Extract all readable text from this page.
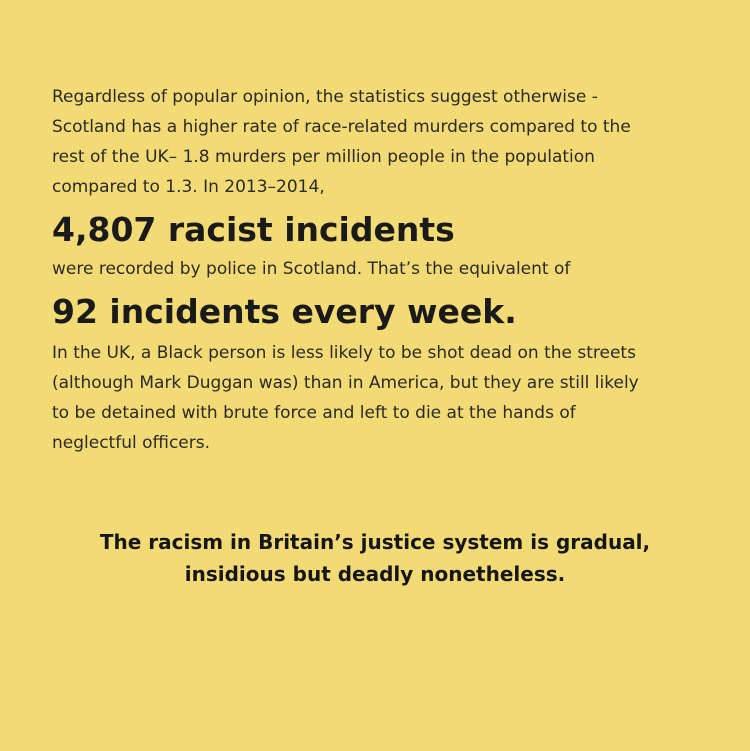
Regardless of popular opinion, the statistics suggest otherwise -
Scotland has a higher rate of race-related murders compared to the
rest of the UK– 1.8 murders per million people in the population
compared to 1.3. In 2013–2014,

4,807 racist incidents

were recorded by police in Scotland. That’s the equivalent of

92 incidents every week.

In the UK, a Black person is less likely to be shot dead on the streets
(although Mark Duggan was) than in America, but they are still likely
to be detained with brute force and left to die at the hands of
neglectful officers.

The racism in Britain’s justice system is gradual,
insidious but deadly nonetheless.
